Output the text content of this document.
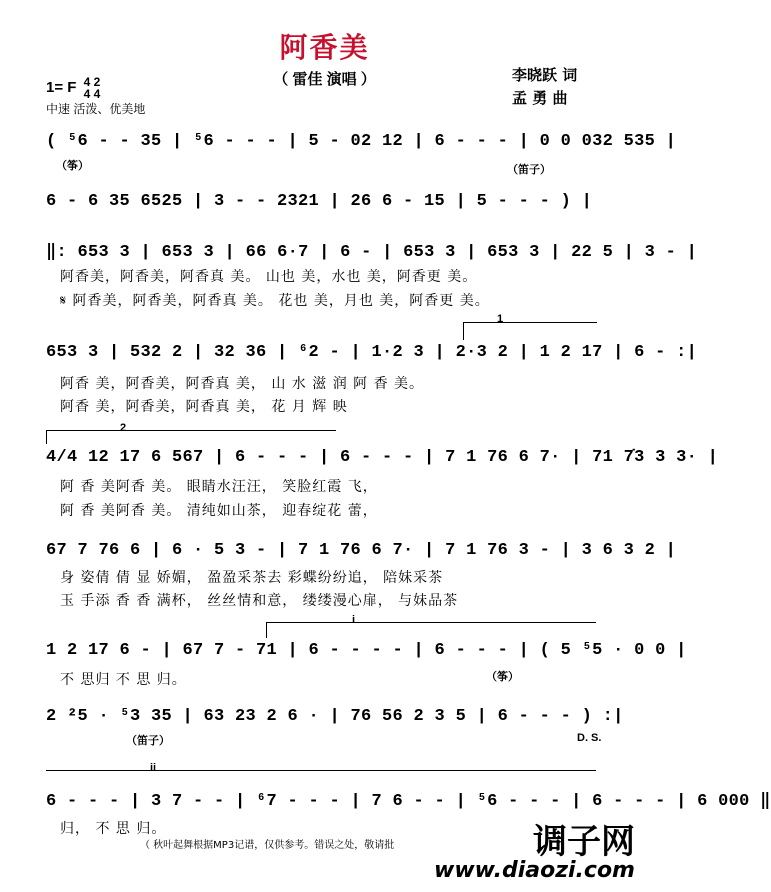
阿香美
（ 雷佳 演唱 ）	李晓跃 词
孟 勇 曲
1= F 4 2
4 4
中速 活泼、优美地
( ⁵6 - - 35 | ⁵6 - - - | 5 - 02 12 | 6 - - - | 0 0 032 535 |
（筝）	（笛子）
6 - 6 35 6525 | 3 - - 2321 | 26 6 - 15 | 5 - - - ) |
‖: 653 3 | 653 3 | 66 6·7 | 6 - | 653 3 | 653 3 | 22 5 | 3 - |
阿香美，阿香美，阿香真 美。 山也 美，水也 美，阿香更 美。
𝄋 阿香美，阿香美，阿香真 美。 花也 美，月也 美，阿香更 美。
653 3 | 532 2 | 32 36 | ⁶2 - | 1·2 3 | 2·3 2 | 1 2 17 | 6 - :|
阿香 美，阿香美，阿香真 美， 山 水 滋 润 阿 香 美。
阿香 美，阿香美，阿香真 美， 花 月 辉 映
4/4 12 17 6 567 | 6 - - - | 6 - - - | 7 1 76 6 7· | 71 7̇3 3 3· |
阿 香 美阿香 美。 眼睛水汪汪， 笑脸红霞 飞，
阿 香 美阿香 美。 清纯如山茶， 迎春绽花 蕾，
67 7 76 6 | 6 · 5 3 - | 7 1 76 6 7· | 7 1 76 3 - | 3 6 3 2 |
身 姿倩 倩 显 娇媚， 盈盈采茶去 彩蝶纷纷追， 陪妹采茶
玉 手添 香 香 满杯， 丝丝情和意， 缕缕漫心扉， 与妹品茶
1 2 17 6 - | 67 7 - 71 | 6 - - - - | 6 - - - | ( 5 ⁵5 · 0 0 |
（筝）
不 思归 不 思 归。
2 ²5 · ⁵3 35 | 63 23 2 6 · | 76 56 2 3 5 | 6 - - - ) :|
（笛子）	D. S.
6 - - - | 3 7 - - | ⁶7 - - - | 7 6 - - | ⁵6 - - - | 6 - - - | 6 000 ‖
归， 不 思 归。
1
2
i
ii
（ 秋叶起舞根据MP3记谱，仅供参考。错误之处，敬请批	调子网
www.diaozi.com
